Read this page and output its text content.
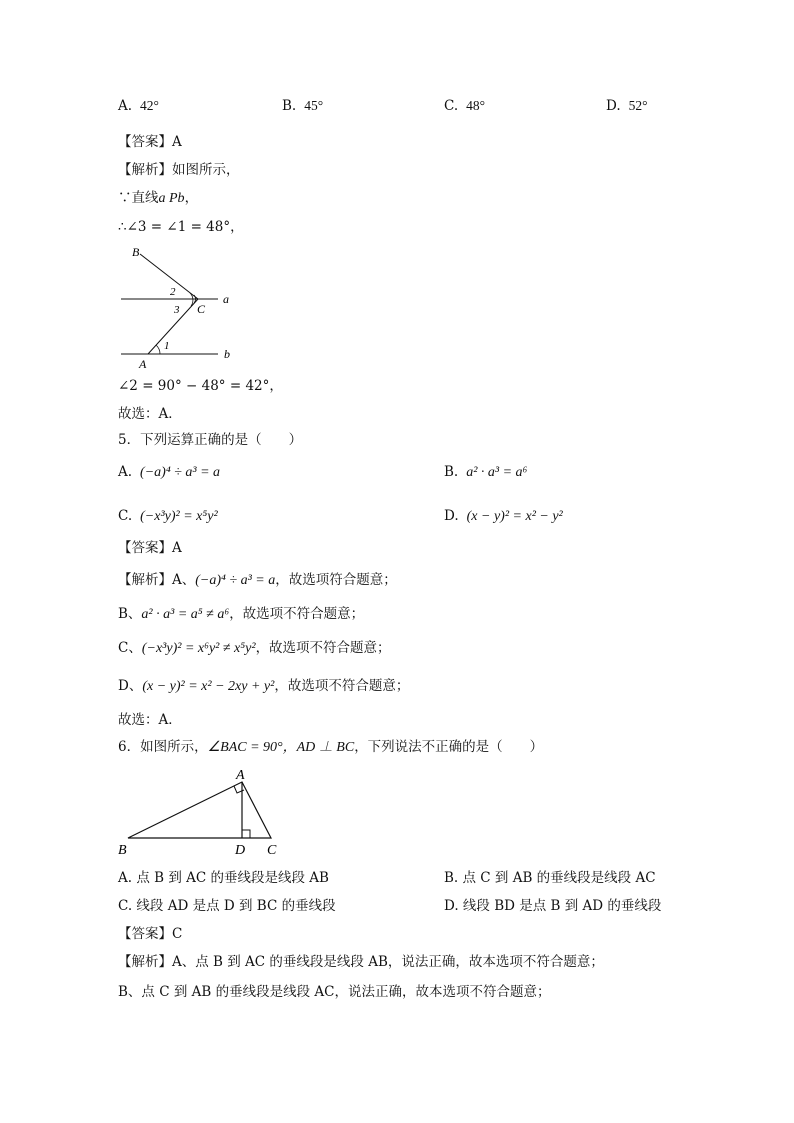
A. 42°	B. 45°	C. 48°	D. 52°
【答案】A
【解析】如图所示，
∵直线a Pb，
∴∠3 = ∠1 = 48°，
B
2
3 C
a
1
A
b
∠2 = 90° − 48° = 42°，
故选：A．
5．下列运算正确的是（　　）
A. (−a)⁴ ÷ a³ = a	B. a² · a³ = a⁶
C. (−x³y)² = x⁵y²	D. (x − y)² = x² − y²
【答案】A
【解析】A、(−a)⁴ ÷ a³ = a，故选项符合题意；
B、a² · a³ = a⁵ ≠ a⁶，故选项不符合题意；
C、(−x³y)² = x⁶y² ≠ x⁵y²，故选项不符合题意；
D、(x − y)² = x² − 2xy + y²，故选项不符合题意；
故选：A．
6．如图所示，∠BAC = 90°，AD ⊥ BC，下列说法不正确的是（　　）
A
B	D C
A. 点 B 到 AC 的垂线段是线段 AB	B. 点 C 到 AB 的垂线段是线段 AC
C. 线段 AD 是点 D 到 BC 的垂线段	D. 线段 BD 是点 B 到 AD 的垂线段
【答案】C
【解析】A、点 B 到 AC 的垂线段是线段 AB，说法正确，故本选项不符合题意；
B、点 C 到 AB 的垂线段是线段 AC，说法正确，故本选项不符合题意；
